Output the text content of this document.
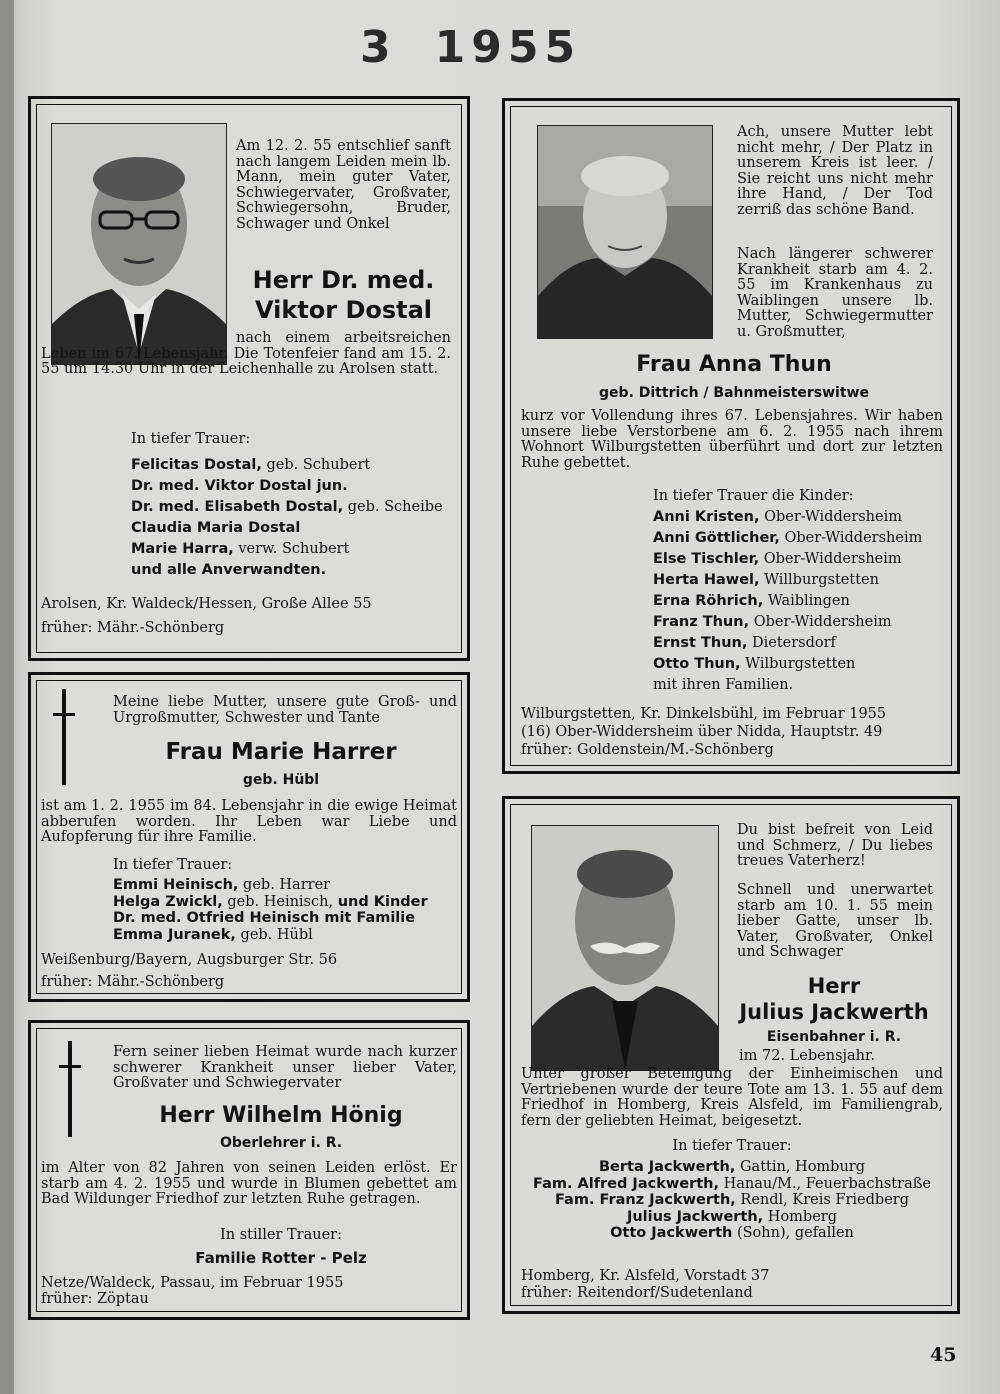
3 1955
Am 12. 2. 55 entschlief sanft nach langem Leiden mein lb. Mann, mein guter Vater, Schwiegervater, Großvater, Schwiegersohn, Bruder, Schwager und Onkel
Herr Dr. med.
Viktor Dostal
nach einem arbeitsreichen Leben im 67. Lebensjahr. Die Totenfeier fand am 15. 2. 55 um 14.30 Uhr in der Leichenhalle zu Arolsen statt.
In tiefer Trauer:
Felicitas Dostal, geb. Schubert
Dr. med. Viktor Dostal jun.
Dr. med. Elisabeth Dostal, geb. Scheibe
Claudia Maria Dostal
Marie Harra, verw. Schubert
und alle Anverwandten.
Arolsen, Kr. Waldeck/Hessen, Große Allee 55
früher: Mähr.-Schönberg
Meine liebe Mutter, unsere gute Groß- und Urgroßmutter, Schwester und Tante
Frau Marie Harrer
geb. Hübl
ist am 1. 2. 1955 im 84. Lebensjahr in die ewige Heimat abberufen worden. Ihr Leben war Liebe und Aufopferung für ihre Familie.
In tiefer Trauer:
Emmi Heinisch, geb. Harrer
Helga Zwickl, geb. Heinisch, und Kinder
Dr. med. Otfried Heinisch mit Familie
Emma Juranek, geb. Hübl
Weißenburg/Bayern, Augsburger Str. 56
früher: Mähr.-Schönberg
Fern seiner lieben Heimat wurde nach kurzer schwerer Krankheit unser lieber Vater, Großvater und Schwiegervater
Herr Wilhelm Hönig
Oberlehrer i. R.
im Alter von 82 Jahren von seinen Leiden erlöst. Er starb am 4. 2. 1955 und wurde in Blumen gebettet am Bad Wildunger Friedhof zur letzten Ruhe getragen.
In stiller Trauer:
Familie Rotter - Pelz
Netze/Waldeck, Passau, im Februar 1955
früher: Zöptau
Ach, unsere Mutter lebt nicht mehr, / Der Platz in unserem Kreis ist leer. / Sie reicht uns nicht mehr ihre Hand, / Der Tod zerriß das schöne Band.
Nach längerer schwerer Krankheit starb am 4. 2. 55 im Krankenhaus zu Waiblingen unsere lb. Mutter, Schwiegermutter u. Großmutter,
Frau Anna Thun
geb. Dittrich / Bahnmeisterswitwe
kurz vor Vollendung ihres 67. Lebensjahres. Wir haben unsere liebe Verstorbene am 6. 2. 1955 nach ihrem Wohnort Wilburgstetten überführt und dort zur letzten Ruhe gebettet.
In tiefer Trauer die Kinder:
Anni Kristen, Ober-Widdersheim
Anni Göttlicher, Ober-Widdersheim
Else Tischler, Ober-Widdersheim
Herta Hawel, Willburgstetten
Erna Röhrich, Waiblingen
Franz Thun, Ober-Widdersheim
Ernst Thun, Dietersdorf
Otto Thun, Wilburgstetten
mit ihren Familien.
Wilburgstetten, Kr. Dinkelsbühl, im Februar 1955
(16) Ober-Widdersheim über Nidda, Hauptstr. 49
früher: Goldenstein/M.-Schönberg
Du bist befreit von Leid und Schmerz, / Du liebes treues Vaterherz!
Schnell und unerwartet starb am 10. 1. 55 mein lieber Gatte, unser lb. Vater, Großvater, Onkel und Schwager
Herr
Julius Jackwerth
Eisenbahner i. R.
im 72. Lebensjahr.
Unter großer Beteiligung der Einheimischen und Vertriebenen wurde der teure Tote am 13. 1. 55 auf dem Friedhof in Homberg, Kreis Alsfeld, im Familiengrab, fern der geliebten Heimat, beigesetzt.
In tiefer Trauer:
Berta Jackwerth, Gattin, Homburg
Fam. Alfred Jackwerth, Hanau/M., Feuerbachstraße
Fam. Franz Jackwerth, Rendl, Kreis Friedberg
Julius Jackwerth, Homberg
Otto Jackwerth (Sohn), gefallen
Homberg, Kr. Alsfeld, Vorstadt 37
früher: Reitendorf/Sudetenland
45
